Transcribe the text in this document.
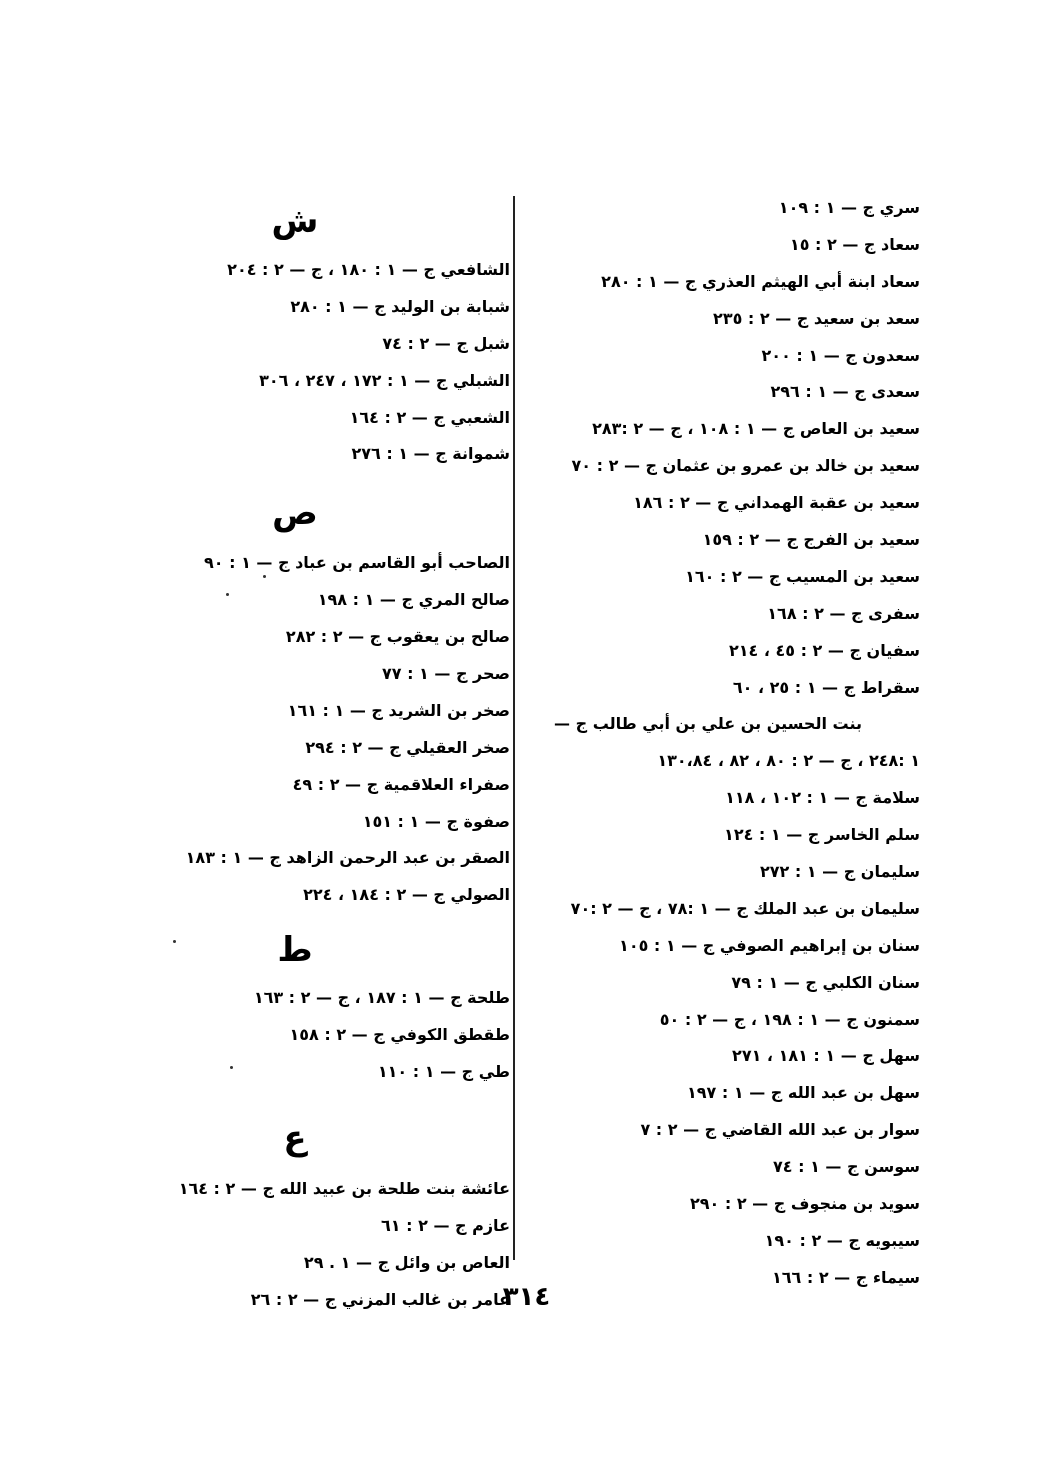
سري ج — ١ : ١٠٩
سعاد ج — ٢ : ١٥
سعاد ابنة أبي الهيثم العذري ج — ١ : ٢٨٠
سعد بن سعيد ج — ٢ : ٢٣٥
سعدون ج — ١ : ٢٠٠
سعدى ج — ١ : ٢٩٦
سعيد بن العاص ج — ١ : ١٠٨ ، ج — ٢ :٢٨٣
سعيد بن خالد بن عمرو بن عثمان ج — ٢ : ٧٠
سعيد بن عقبة الهمداني ج — ٢ : ١٨٦
سعيد بن الفرج ج — ٢ : ١٥٩
سعيد بن المسيب ج — ٢ : ١٦٠
سفرى ج — ٢ : ١٦٨
سفيان ج — ٢ : ٤٥ ، ٢١٤
سقراط ج — ١ : ٢٥ ، ٦٠
بنت الحسين بن علي بن أبي طالب ج —
١ :٢٤٨ ، ج — ٢ : ٨٠ ، ٨٢ ، ١٣٠،٨٤
سلامة ج — ١ : ١٠٢ ، ١١٨
سلم الخاسر ج — ١ : ١٢٤
سليمان ج — ١ : ٢٧٢
سليمان بن عبد الملك ج — ١ :٧٨ ، ج — ٢ :٧٠
سنان بن إبراهيم الصوفي ج — ١ : ١٠٥
سنان الكلبي ج — ١ : ٧٩
سمنون ج — ١ : ١٩٨ ، ج — ٢ : ٥٠
سهل ج — ١ : ١٨١ ، ٢٧١
سهل بن عبد الله ج — ١ : ١٩٧
سوار بن عبد الله القاضي ج — ٢ : ٧
سوسن ج — ١ : ٧٤
سويد بن منجوف ج — ٢ : ٢٩٠
سيبويه ج — ٢ : ١٩٠
سيماء ج — ٢ : ١٦٦
ش
الشافعي ج — ١ : ١٨٠ ، ج — ٢ : ٢٠٤
شبابة بن الوليد ج — ١ : ٢٨٠
شبل ج — ٢ : ٧٤
الشبلي ج — ١ : ١٧٢ ، ٢٤٧ ، ٣٠٦
الشعبي ج — ٢ : ١٦٤
شموانة ج — ١ : ٢٧٦
ص
الصاحب أبو القاسم بن عباد ج — ١ : ٩٠
صالح المري ج — ١ : ١٩٨
صالح بن يعقوب ج — ٢ : ٢٨٢
صحر ج — ١ : ٧٧
صخر بن الشريد ج — ١ : ١٦١
صخر العقيلي ج — ٢ : ٢٩٤
صفراء العلاقمية ج — ٢ : ٤٩
صفوة ج — ١ : ١٥١
الصقر بن عبد الرحمن الزاهد ج — ١ : ١٨٣
الصولي ج — ٢ : ١٨٤ ، ٢٢٤
ط
طلحة ج — ١ : ١٨٧ ، ج — ٢ : ١٦٣
طقطق الكوفي ج — ٢ : ١٥٨
طي ج — ١ : ١١٠
ع
عائشة بنت طلحة بن عبيد الله ج — ٢ : ١٦٤
عازم ج — ٢ : ٦١
العاص بن وائل ج — ١ . ٢٩
عامر بن غالب المزني ج — ٢ : ٢٦
٣١٤
